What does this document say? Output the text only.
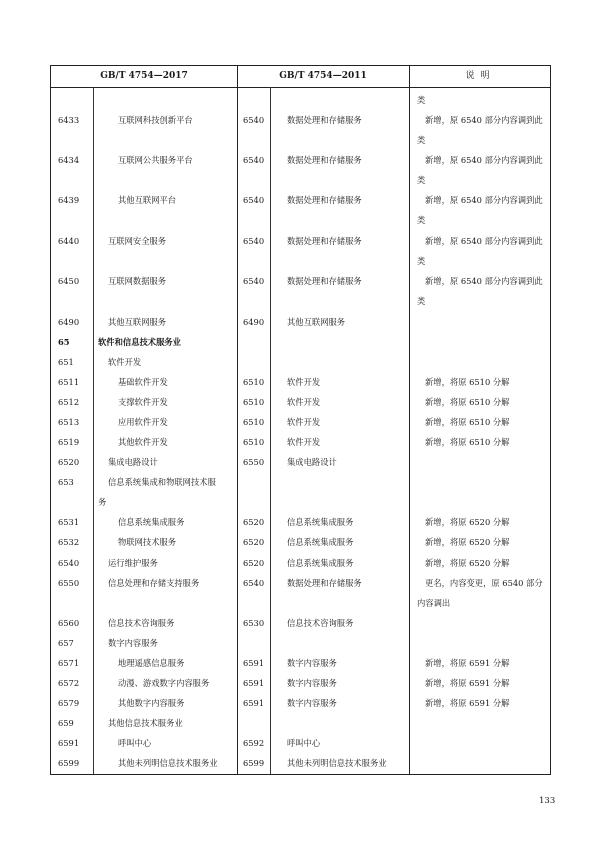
GB/T 4754—2017	GB/T 4754—2011	说明
类
6433	互联网科技创新平台	6540	数据处理和存储服务	新增，原 6540 部分内容调到此
类
6434	互联网公共服务平台	6540	数据处理和存储服务	新增，原 6540 部分内容调到此
类
6439	其他互联网平台	6540	数据处理和存储服务	新增，原 6540 部分内容调到此
类
6440	互联网安全服务	6540	数据处理和存储服务	新增，原 6540 部分内容调到此
类
6450	互联网数据服务	6540	数据处理和存储服务	新增，原 6540 部分内容调到此
类
6490	其他互联网服务	6490	其他互联网服务
65	软件和信息技术服务业
651	软件开发
6511	基础软件开发	6510	软件开发	新增，将原 6510 分解
6512	支撑软件开发	6510	软件开发	新增，将原 6510 分解
6513	应用软件开发	6510	软件开发	新增，将原 6510 分解
6519	其他软件开发	6510	软件开发	新增，将原 6510 分解
6520	集成电路设计	6550	集成电路设计
653	信息系统集成和物联网技术服
务
6531	信息系统集成服务	6520	信息系统集成服务	新增，将原 6520 分解
6532	物联网技术服务	6520	信息系统集成服务	新增，将原 6520 分解
6540	运行维护服务	6520	信息系统集成服务	新增，将原 6520 分解
6550	信息处理和存储支持服务	6540	数据处理和存储服务	更名，内容变更，原 6540 部分
内容调出
6560	信息技术咨询服务	6530	信息技术咨询服务
657	数字内容服务
6571	地理遥感信息服务	6591	数字内容服务	新增，将原 6591 分解
6572	动漫、游戏数字内容服务	6591	数字内容服务	新增，将原 6591 分解
6579	其他数字内容服务	6591	数字内容服务	新增，将原 6591 分解
659	其他信息技术服务业
6591	呼叫中心	6592	呼叫中心
6599	其他未列明信息技术服务业	6599	其他未列明信息技术服务业
133
